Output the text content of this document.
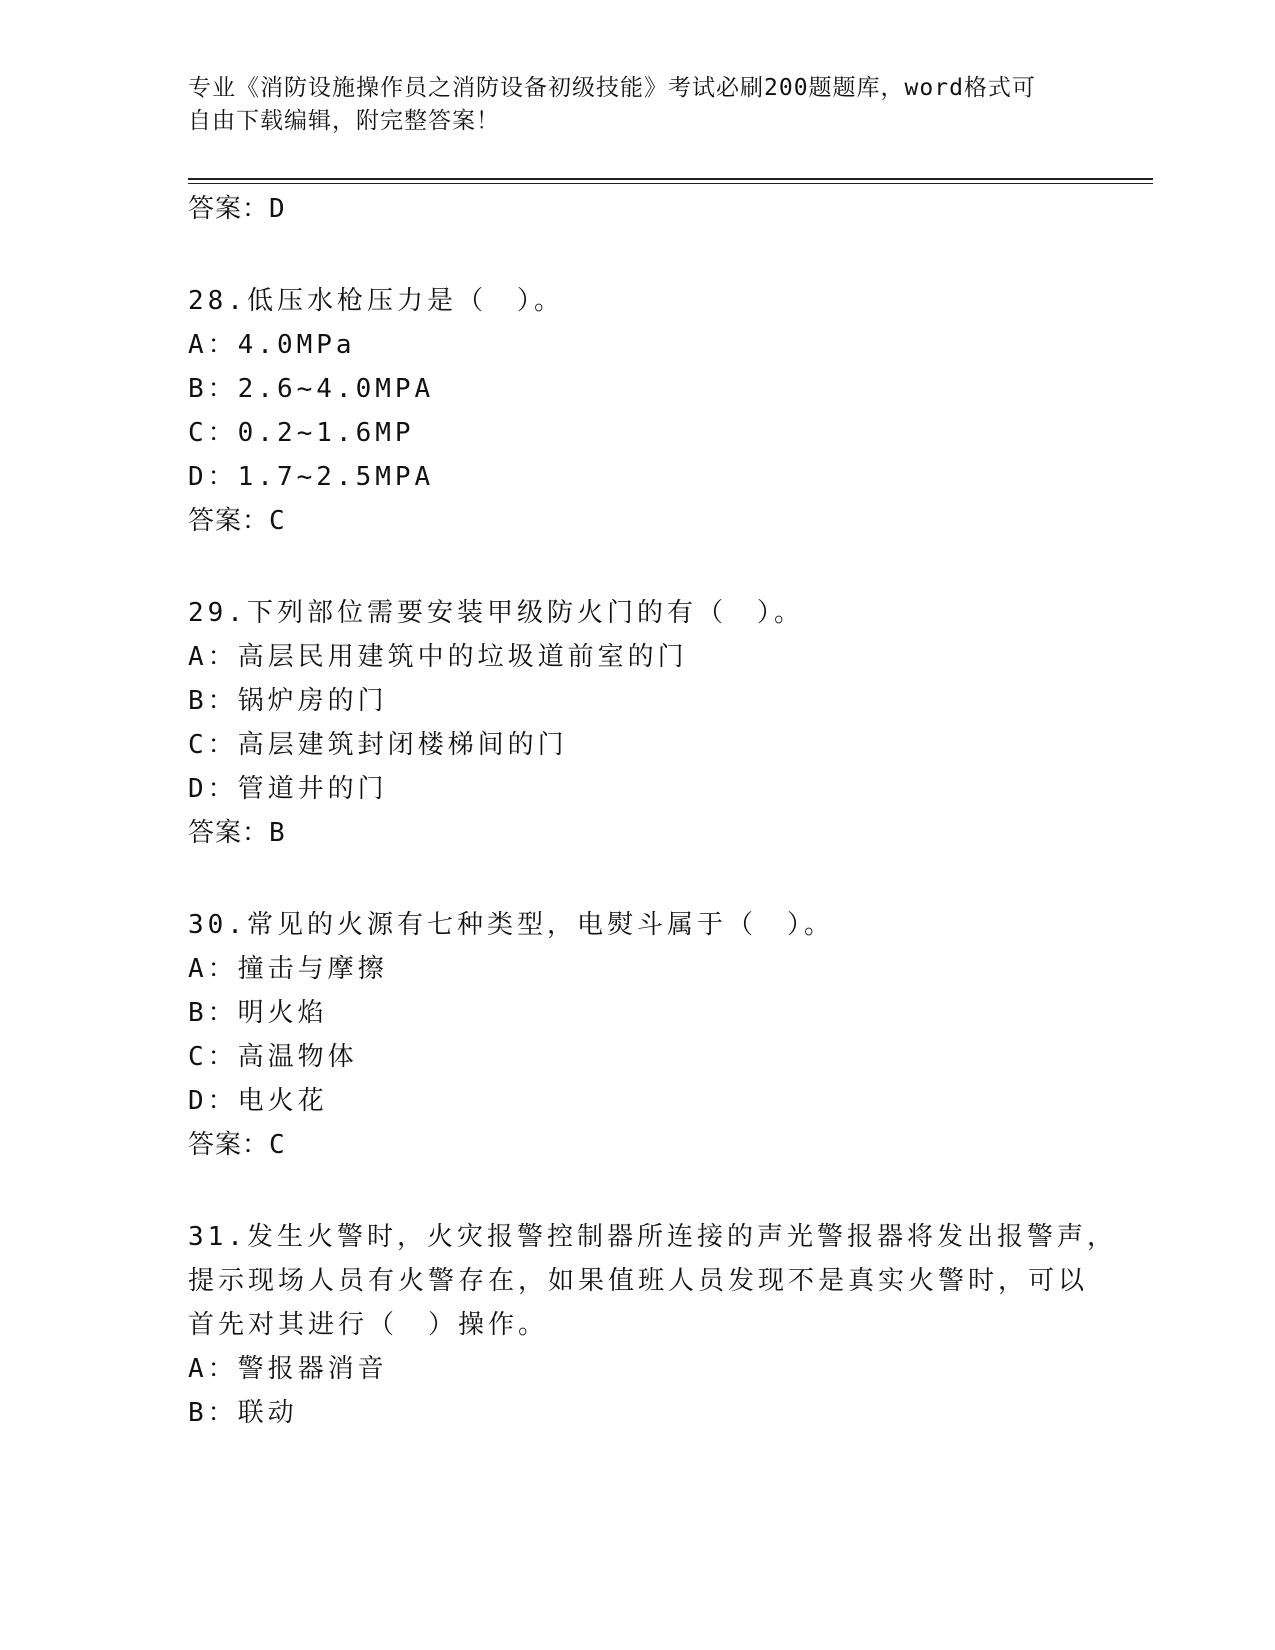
专业《消防设施操作员之消防设备初级技能》考试必刷200题题库，word格式可
自由下载编辑，附完整答案！
答案：D
28.低压水枪压力是（　）。
A：4.0MPa
B：2.6~4.0MPA
C：0.2~1.6MP
D：1.7~2.5MPA
答案：C
29.下列部位需要安装甲级防火门的有（　）。
A：高层民用建筑中的垃圾道前室的门
B：锅炉房的门
C：高层建筑封闭楼梯间的门
D：管道井的门
答案：B
30.常见的火源有七种类型，电熨斗属于（　）。
A：撞击与摩擦
B：明火焰
C：高温物体
D：电火花
答案：C
31.发生火警时，火灾报警控制器所连接的声光警报器将发出报警声，
提示现场人员有火警存在，如果值班人员发现不是真实火警时，可以
首先对其进行（　）操作。
A：警报器消音
B：联动
